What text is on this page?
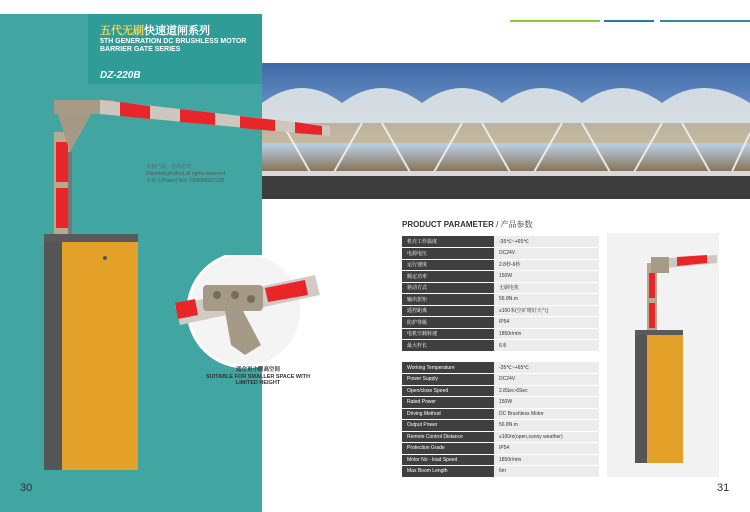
五代无刷快速道闸系列
5TH GENERATION DC BRUSHLESS MOTOR
BARRIER GATE SERIES
DZ-220B
适合更小限高空间
SUITABLE FOR SMALLER SPACE WITH
LIMITED HEIGHT
专利产品，仿冒必究
Patented product,all rights reserved
专利号(Patent No): CN3066027195
PRODUCT PARAMETER / 产品参数
机壳工作温度	-35℃~+65℃
电源电压	DC24V
运行速度	2.8秒-6秒
额定功率	150W
驱动方式	无刷电机
输出扭矩	56.8N.m
遥控距离	≤100米(空旷晴好天气)
防护等级	IP54
电机空载转速	1850r/min
最大杆长	6米
Working Temperature	-35℃~+65℃
Power Supply	DC24V
Open/close Speed	2.8Sec-6Sec
Rated Power	150W
Driving Method	DC Brushless Motor
Output Power	56.8N.m
Remote Control Distance	≤100m(open,sunny weather)
Protection Grade	IP54
Motor No - load Speed	1850r/min
Max Boom Length	6m
30	31
